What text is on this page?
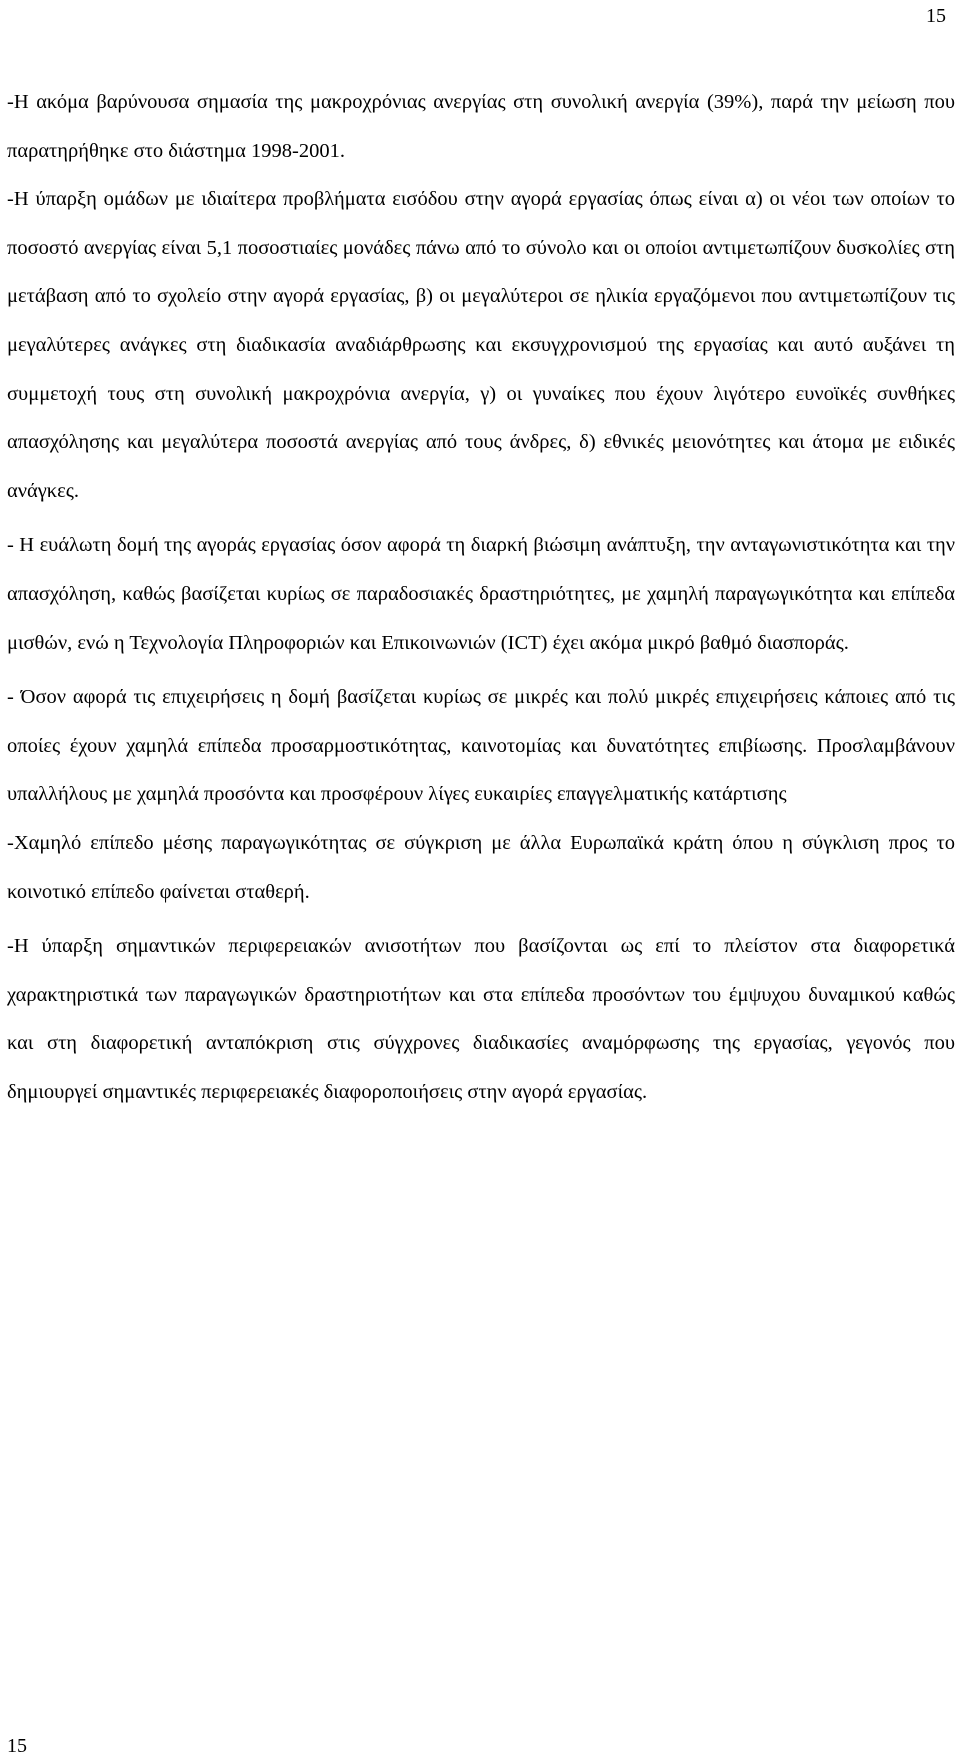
15

-Η ακόμα βαρύνουσα σημασία της μακροχρόνιας ανεργίας στη συνολική ανεργία (39%), παρά την μείωση που παρατηρήθηκε στο διάστημα 1998-2001.

-Η ύπαρξη ομάδων με ιδιαίτερα προβλήματα εισόδου στην αγορά εργασίας όπως είναι α) οι νέοι των οποίων το ποσοστό ανεργίας είναι 5,1 ποσοστιαίες μονάδες πάνω από το σύνολο και οι οποίοι αντιμετωπίζουν δυσκολίες στη μετάβαση από το σχολείο στην αγορά εργασίας, β) οι μεγαλύτεροι σε ηλικία εργαζόμενοι που αντιμετωπίζουν τις μεγαλύτερες ανάγκες στη διαδικασία αναδιάρθρωσης και εκσυγχρονισμού της εργασίας και αυτό αυξάνει τη συμμετοχή τους στη συνολική μακροχρόνια ανεργία, γ) οι γυναίκες που έχουν λιγότερο ευνοϊκές συνθήκες απασχόλησης και μεγαλύτερα ποσοστά ανεργίας από τους άνδρες, δ) εθνικές μειονότητες και άτομα με ειδικές ανάγκες.

- Η ευάλωτη δομή της αγοράς εργασίας όσον αφορά τη διαρκή βιώσιμη ανάπτυξη, την ανταγωνιστικότητα και την απασχόληση, καθώς βασίζεται κυρίως σε παραδοσιακές δραστηριότητες, με χαμηλή παραγωγικότητα και επίπεδα μισθών, ενώ η Τεχνολογία Πληροφοριών και Επικοινωνιών (ICT) έχει ακόμα μικρό βαθμό διασποράς.

- Όσον αφορά τις επιχειρήσεις η δομή βασίζεται κυρίως σε μικρές και πολύ μικρές επιχειρήσεις κάποιες από τις οποίες έχουν χαμηλά επίπεδα προσαρμοστικότητας, καινοτομίας και δυνατότητες επιβίωσης. Προσλαμβάνουν υπαλλήλους με χαμηλά προσόντα και προσφέρουν λίγες ευκαιρίες επαγγελματικής κατάρτισης

-Χαμηλό επίπεδο μέσης παραγωγικότητας σε σύγκριση με άλλα Ευρωπαϊκά κράτη όπου η σύγκλιση προς το κοινοτικό επίπεδο φαίνεται σταθερή.

-Η ύπαρξη σημαντικών περιφερειακών ανισοτήτων που βασίζονται ως επί το πλείστον στα διαφορετικά χαρακτηριστικά των παραγωγικών δραστηριοτήτων και στα επίπεδα προσόντων του έμψυχου δυναμικού καθώς και στη διαφορετική ανταπόκριση στις σύγχρονες διαδικασίες αναμόρφωσης της εργασίας, γεγονός που δημιουργεί σημαντικές περιφερειακές διαφοροποιήσεις στην αγορά εργασίας.

15
